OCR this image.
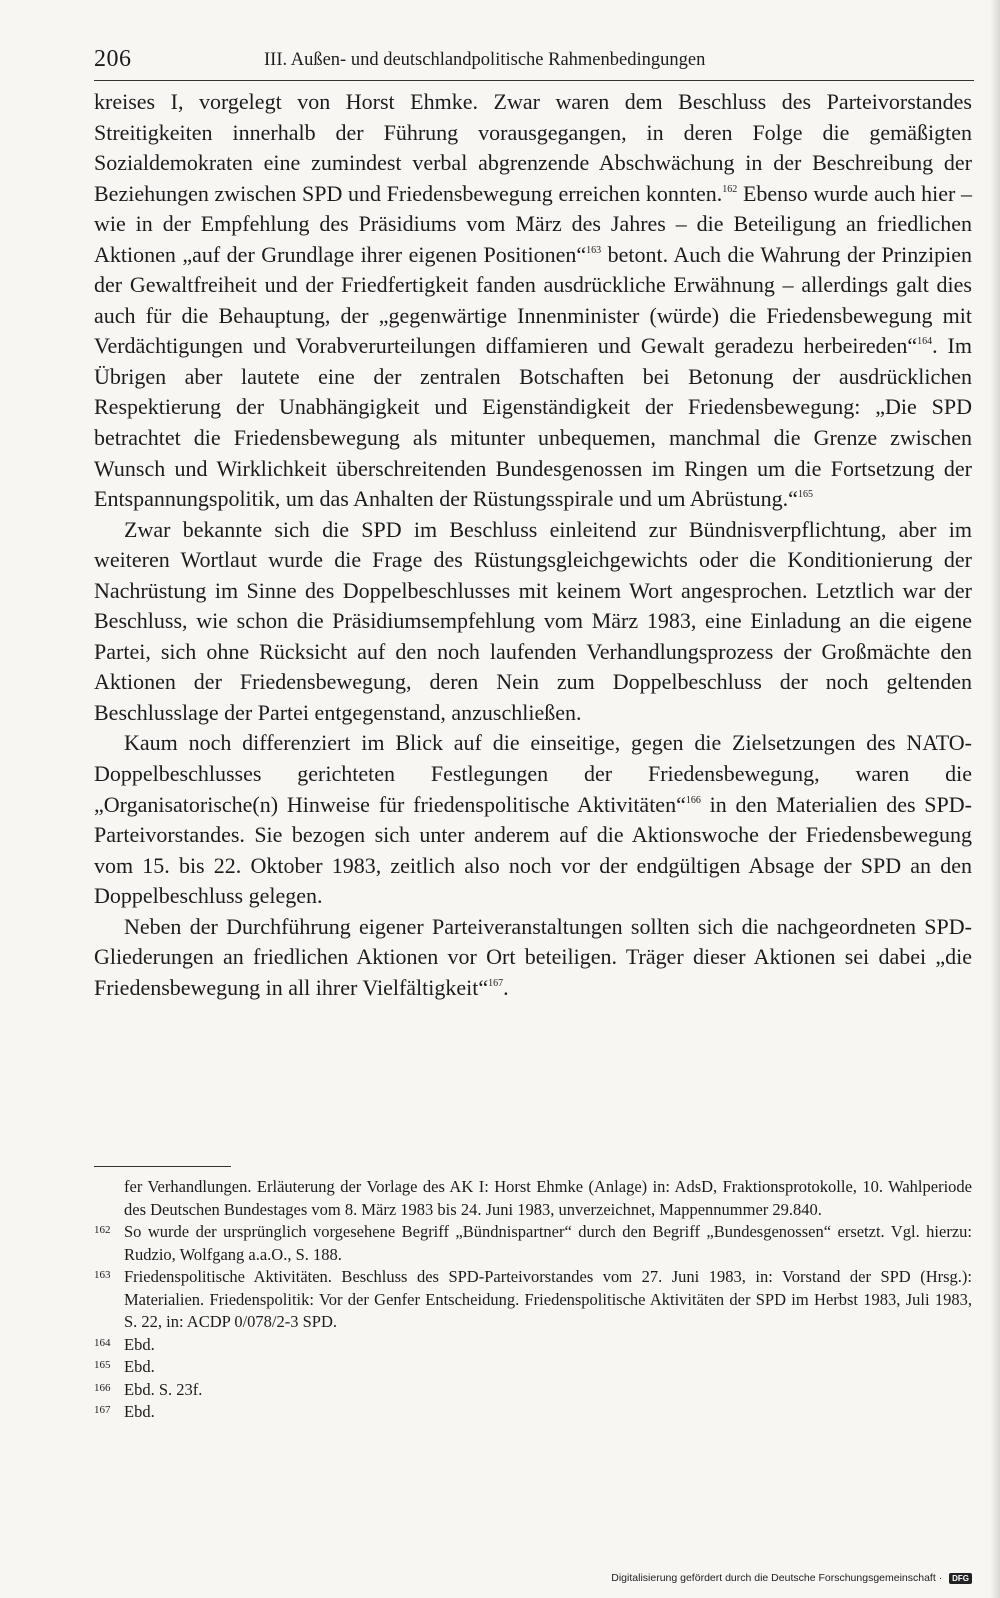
206	III. Außen- und deutschlandpolitische Rahmenbedingungen

kreises I, vorgelegt von Horst Ehmke. Zwar waren dem Beschluss des Parteivorstandes Streitigkeiten innerhalb der Führung vorausgegangen, in deren Folge die gemäßigten Sozialdemokraten eine zumindest verbal abgrenzende Abschwächung in der Beschreibung der Beziehungen zwischen SPD und Friedensbewegung erreichen konnten.$^{162}$ Ebenso wurde auch hier – wie in der Empfehlung des Präsidiums vom März des Jahres – die Beteiligung an friedlichen Aktionen „auf der Grundlage ihrer eigenen Positionen“$^{163}$ betont. Auch die Wahrung der Prinzipien der Gewaltfreiheit und der Friedfertigkeit fanden ausdrückliche Erwähnung – allerdings galt dies auch für die Behauptung, der „gegenwärtige Innenminister (würde) die Friedensbewegung mit Verdächtigungen und Vorabverurteilungen diffamieren und Gewalt geradezu herbeireden“$^{164}$. Im Übrigen aber lautete eine der zentralen Botschaften bei Betonung der ausdrücklichen Respektierung der Unabhängigkeit und Eigenständigkeit der Friedensbewegung: „Die SPD betrachtet die Friedensbewegung als mitunter unbequemen, manchmal die Grenze zwischen Wunsch und Wirklichkeit überschreitenden Bundesgenossen im Ringen um die Fortsetzung der Entspannungspolitik, um das Anhalten der Rüstungsspirale und um Abrüstung.“$^{165}$

Zwar bekannte sich die SPD im Beschluss einleitend zur Bündnisverpflichtung, aber im weiteren Wortlaut wurde die Frage des Rüstungsgleichgewichts oder die Konditionierung der Nachrüstung im Sinne des Doppelbeschlusses mit keinem Wort angesprochen. Letztlich war der Beschluss, wie schon die Präsidiumsempfehlung vom März 1983, eine Einladung an die eigene Partei, sich ohne Rücksicht auf den noch laufenden Verhandlungsprozess der Großmächte den Aktionen der Friedensbewegung, deren Nein zum Doppelbeschluss der noch geltenden Beschlusslage der Partei entgegenstand, anzuschließen.

Kaum noch differenziert im Blick auf die einseitige, gegen die Zielsetzungen des NATO-Doppelbeschlusses gerichteten Festlegungen der Friedensbewegung, waren die „Organisatorische(n) Hinweise für friedenspolitische Aktivitäten“$^{166}$ in den Materialien des SPD-Parteivorstandes. Sie bezogen sich unter anderem auf die Aktionswoche der Friedensbewegung vom 15. bis 22. Oktober 1983, zeitlich also noch vor der endgültigen Absage der SPD an den Doppelbeschluss gelegen.

Neben der Durchführung eigener Parteiveranstaltungen sollten sich die nachgeordneten SPD-Gliederungen an friedlichen Aktionen vor Ort beteiligen. Träger dieser Aktionen sei dabei „die Friedensbewegung in all ihrer Vielfältigkeit“$^{167}$.

fer Verhandlungen. Erläuterung der Vorlage des AK I: Horst Ehmke (Anlage) in: AdsD, Fraktionsprotokolle, 10. Wahlperiode des Deutschen Bundestages vom 8. März 1983 bis 24. Juni 1983, unverzeichnet, Mappennummer 29.840.
162 So wurde der ursprünglich vorgesehene Begriff „Bündnispartner“ durch den Begriff „Bundesgenossen“ ersetzt. Vgl. hierzu: Rudzio, Wolfgang a.a.O., S. 188.
163 Friedenspolitische Aktivitäten. Beschluss des SPD-Parteivorstandes vom 27. Juni 1983, in: Vorstand der SPD (Hrsg.): Materialien. Friedenspolitik: Vor der Genfer Entscheidung. Friedenspolitische Aktivitäten der SPD im Herbst 1983, Juli 1983, S. 22, in: ACDP 0/078/2-3 SPD.
164 Ebd.
165 Ebd.
166 Ebd. S. 23f.
167 Ebd.
Digitalisierung gefördert durch die Deutsche Forschungsgemeinschaft · DFG
